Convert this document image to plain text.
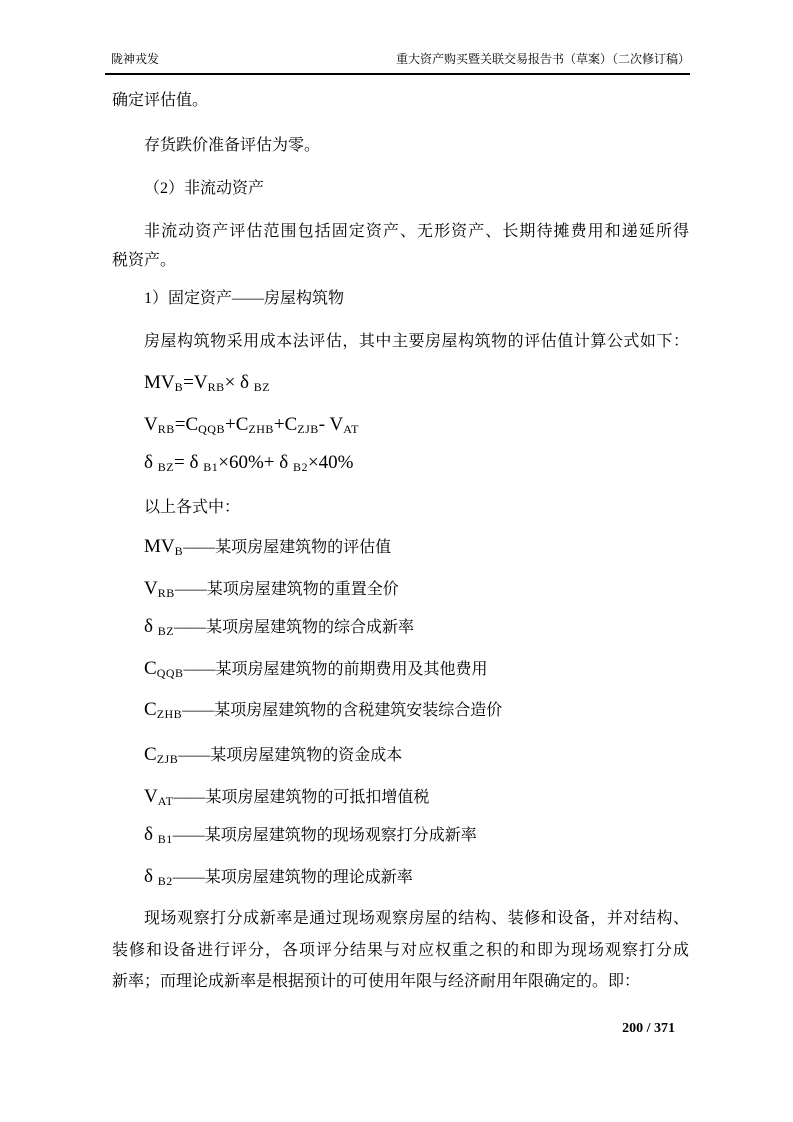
陇神戎发	重大资产购买暨关联交易报告书（草案）（二次修订稿）
确定评估值。
存货跌价准备评估为零。
（2）非流动资产
非流动资产评估范围包括固定资产、无形资产、长期待摊费用和递延所得
税资产。
1）固定资产——房屋构筑物
房屋构筑物采用成本法评估，其中主要房屋构筑物的评估值计算公式如下：
$MV_B=V_{RB}\times \delta$ $_{BZ}$
$V_{RB}=C_{QQB}+C_{ZHB}+C_{ZJB}-$ $V_{AT}$
δ $_{BZ}$= δ $_{B1}$×60%+ δ $_{B2}$×40%
以上各式中：
$MV_B——$某项房屋建筑物的评估值
$V_{RB}——$某项房屋建筑物的重置全价
δ $_{BZ}$——某项房屋建筑物的综合成新率
$C_{QQB}——$某项房屋建筑物的前期费用及其他费用
$C_{ZHB}——$某项房屋建筑物的含税建筑安装综合造价
$C_{ZJB}——$某项房屋建筑物的资金成本
$V_{AT}——$某项房屋建筑物的可抵扣增值税
δ $_{B1}$——某项房屋建筑物的现场观察打分成新率
δ $_{B2}$——某项房屋建筑物的理论成新率
现场观察打分成新率是通过现场观察房屋的结构、装修和设备，并对结构、
装修和设备进行评分，各项评分结果与对应权重之积的和即为现场观察打分成
新率；而理论成新率是根据预计的可使用年限与经济耐用年限确定的。即：
200 / 371
